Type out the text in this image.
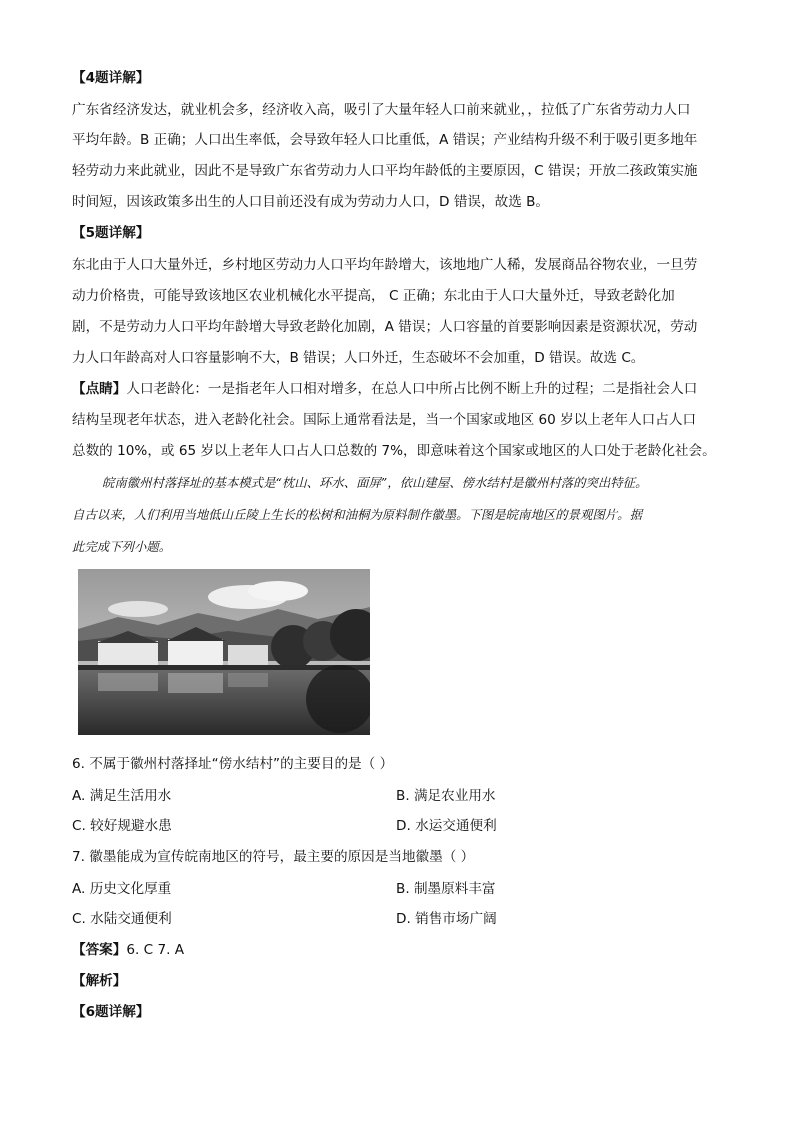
【4题详解】
广东省经济发达，就业机会多，经济收入高，吸引了大量年轻人口前来就业，，拉低了广东省劳动力人口
平均年龄。B 正确；人口出生率低，会导致年轻人口比重低，A 错误；产业结构升级不利于吸引更多地年
轻劳动力来此就业，因此不是导致广东省劳动力人口平均年龄低的主要原因，C 错误；开放二孩政策实施
时间短，因该政策多出生的人口目前还没有成为劳动力人口，D 错误，故选 B。
【5题详解】
东北由于人口大量外迁，乡村地区劳动力人口平均年龄增大，该地地广人稀，发展商品谷物农业，一旦劳
动力价格贵，可能导致该地区农业机械化水平提高， C 正确；东北由于人口大量外迁，导致老龄化加
剧，不是劳动力人口平均年龄增大导致老龄化加剧，A 错误；人口容量的首要影响因素是资源状况，劳动
力人口年龄高对人口容量影响不大，B 错误；人口外迁，生态破坏不会加重，D 错误。故选 C。
【点睛】人口老龄化：一是指老年人口相对增多，在总人口中所占比例不断上升的过程；二是指社会人口
结构呈现老年状态，进入老龄化社会。国际上通常看法是，当一个国家或地区 60 岁以上老年人口占人口
总数的 10%，或 65 岁以上老年人口占人口总数的 7%，即意味着这个国家或地区的人口处于老龄化社会。
皖南徽州村落择址的基本模式是“枕山、环水、面屏”，依山建屋、傍水结村是徽州村落的突出特征。
自古以来，人们利用当地低山丘陵上生长的松树和油桐为原料制作徽墨。下图是皖南地区的景观图片。据
此完成下列小题。
6. 不属于徽州村落择址“傍水结村”的主要目的是（ ）
A. 满足生活用水	B. 满足农业用水
C. 较好规避水患	D. 水运交通便利
7. 徽墨能成为宣传皖南地区的符号，最主要的原因是当地徽墨（ ）
A. 历史文化厚重	B. 制墨原料丰富
C. 水陆交通便利	D. 销售市场广阔
【答案】6. C 7. A
【解析】
【6题详解】
